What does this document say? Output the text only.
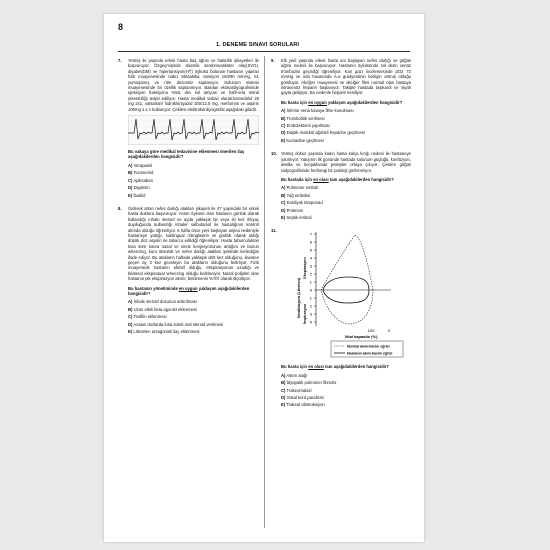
8
1. DENEME SINAVI SORULARI
7. Yetmiş iki yaşında erkek hasta baş ağrısı ve halsizlik şikayetleri ile başvuruyor. Özgeçmişinde iskemik serebrovasküler olay(SVO), diyabet(DM) ve hipertansiyon(HT) öyküsü bulunan hastanın yapılan fizik muayenesinde nabız 55/dakika, tansiyon 150/90 mmHg, S1 yumuşamış ve ritm düzensiz saptanıyor. Solunum sistemi muayenesinde bir özellik saptanmıyor. Bakılan ekokardiyografisinde ejeksiyon fraksiyonu %55, dev sol atriyum ve hafif-orta mitral yetersizliği tespit ediliyor. Hasta medikal tedavi olarak;karvedolol 25 mg 2x1, valsartan/ hidroklortiyazid 160/12,5 mg, metformin ve aspirin 100mg 1 x 1 kullanıyor. Çekilen elektrokardiyografisi aşağıdaki gibidir.
Bu vakaya göre medikal tedavisine eklenmesi önerilen ilaç aşağıdakilerden hangisidir?
A) Verapamil
B) Furosemid
C) Apiksaban
D) Digoksin
E) İbutilid
8. Giderek artan nefes darlığı atakları şikayeti ile 47 yaşındaki bir erkek hasta doktora başvuruyor. Astım öyküsü olan hastanın günlük olarak kullandığı inhale steroid ve ayda yaklaşık bir veya iki kez ihtiyaç duyduğunda kullandığı inhaler salbutamol ile hastalığının kontrol altında olduğu öğreniliyor. 6 hafta önce yeni başlayan anjina nedeniyle hastaneye yattığı, sublingual nitrogliserin ve günlük olarak aldığı düşük doz aspirin ile taburcu edildiği öğreniliyor. Hasta taburculuktan kısa süre sonra nazal ve sinüs konjesyonunun arttığını ve bunun wheezing, kuru öksürük ve nefes darlığı atakları şeklinde ilerlediğini ifade ediyor. Bu atakların haftada yaklaşık dört kez olduğunu, ilaveten geçen ay 3 kez geceleyin bu atakların olduğunu belirtiyor. Fizik muayenede hastanın afebril olduğu, ekspirasyonun uzadığı ve bilateral ekspiratuar wheezing olduğu belirleniyor. Nazal polipleri olan hastanın pik ekspirasyon akımı; beklenenin %70'i olarak ölçülüyor.
Bu hastanın yönetiminde en uygun yaklaşım aşağıdakilerden hangisidir?
A) İnhale steroid dozunun arttırılması
B) Uzun etkili beta agonist eklenmesi
C) Teofilin eklenmesi
D) Azalan dozlarda kısa süreli oral steroid verilmesi
E) Lökotrien antagonisti ilaç eklenmesi
9. Elli yedi yaşında erkek hasta ani başlayan nefes darlığı ve göğüs ağrısı nedeni ile başvuruyor. Hastanın öyküsünde sol derin venöz trombozisi geçirdiği öğreniliyor. Kan gazı incelemesinde pO2 72 mmHg ve oda havasında A-a gradyentinin belirgin artmış olduğu görülüyor. Akciğer muayenesi ve akciğer filmi normal olan hastaya intravenöz heparin başlanıyor. Takipte hastada taşikardi ve siyah gayta gelişiyor. Bu nedenle heparin kesiliyor.
Bu hasta için en uygun yaklaşım aşağıdakilerden hangisidir?
A) İnferior vena kavaya filtre konulması
B) Trombolitik verilmesi
C) Embolektomi yapılması
D) Düşük molekül ağırlıklı heparine geçilmesi
E) Kumadine geçilmesi
10. Yetmiş dokuz yaşında kadın hasta kalça kırığı nedeni ile hastaneye yatırılıyor. Yatışının ilk gününde hastada solunum güçlüğü, konfüzyon, aksilla ve konjuktivada peteşiler ortaya çıkıyor. Çekilen göğüs radyografisinde herhangi bir patoloji gözlenmiyor.
Bu hastada için en olası tanı aşağıdakilerden hangisidir?
A) Pulmoner emboli
B) Yağ embolisi
C) Kardiyak tamponad
D) Pnömoni
E) Septik emboli
11.
Ventilasyon (Litre/sn)
Ekspirasyon
İnspirasyon
7
6
5
4
3
2
1
0
1
2
3
4
100	0
Vital kapasite (%)
Normal akım-hacim eğrisi
Hastanın akım-hacim eğrisi
Bu hasta için en olası tanı aşağıdakilerden hangisidir?
A) Astım atağı
B) İdyopatik pulmoner fibrozis
C) Trakeomalazi
D) Vokal kord paralizisi
E) Trakeal obstruksiyon
